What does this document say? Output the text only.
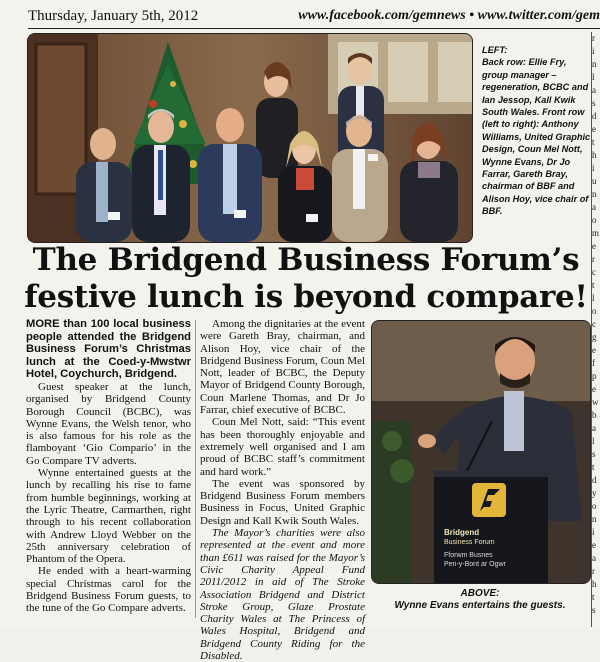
Thursday, January 5th, 2012	www.facebook.com/gemnews • www.twitter.com/gem
r
i
n
l
a
s
d
e
t
h
i
u
n
a
o
m
e
r
c
t
l
o
c
g
e
f
p
e
w
b
a
l
s
t
d
y
o
n
i
e
a
r
h
t
s
LEFT:
Back row: Ellie Fry, group manager – regeneration, BCBC and Ian Jessop, Kall Kwik South Wales. Front row (left to right): Anthony Williams, United Graphic Design, Coun Mel Nott, Wynne Evans, Dr Jo Farrar, Gareth Bray, chairman of BBF and Alison Hoy, vice chair of BBF.
The Bridgend Business Forum’s
festive lunch is beyond compare!

MORE than 100 local business people attended the Bridgend Business Forum’s Christmas lunch at the Coed-y-Mwstwr Hotel, Coychurch, Bridgend.

Guest speaker at the lunch, organised by Bridgend County Borough Council (BCBC), was Wynne Evans, the Welsh tenor, who is also famous for his role as the flamboyant ‘Gio Compario’ in the Go Compare TV adverts.

Wynne entertained guests at the lunch by recalling his rise to fame from humble beginnings, working at the Lyric Theatre, Carmarthen, right through to his recent collaboration with Andrew Lloyd Webber on the 25th anniversary celebration of Phantom of the Opera.

He ended with a heart-warming special Christmas carol for the Bridgend Business Forum guests, to the tune of the Go Compare adverts.

Among the dignitaries at the event were Gareth Bray, chairman, and Alison Hoy, vice chair of the Bridgend Business Forum, Coun Mel Nott, leader of BCBC, the Deputy Mayor of Bridgend County Borough, Coun Marlene Thomas, and Dr Jo Farrar, chief executive of BCBC.

Coun Mel Nott, said: “This event has been thoroughly enjoyable and extremely well organised and I am proud of BCBC staff’s commitment and hard work.”

The event was sponsored by Bridgend Business Forum members Business in Focus, United Graphic Design and Kall Kwik South Wales.

The Mayor’s charities were also represented at the event and more than £611 was raised for the Mayor’s Civic Charity Appeal Fund 2011/2012 in aid of The Stroke Association Bridgend and District Stroke Group, Glaze Prostate Charity Wales at The Princess of Wales Hospital, Bridgend and Bridgend County Riding for the Disabled.

Bridgend
Business Forum
Fforwm Busnes
Pen-y-Bont ar Ogwr
ABOVE:
Wynne Evans entertains the guests.
